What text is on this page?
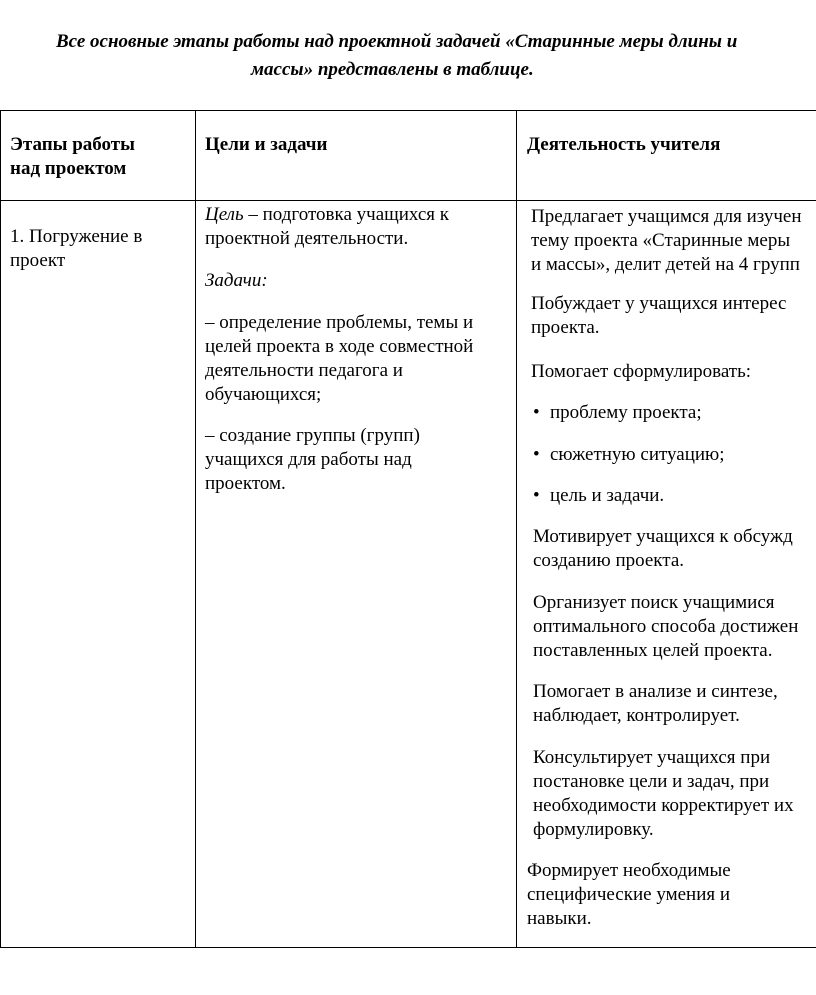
Все основные этапы работы над проектной задачей «Старинные меры длины и
массы» представлены в таблице.
Этапы работы
над проектом
Цели и задачи	Деятельность учителя
1. Погружение в
проект
Цель – подготовка учащихся к
проектной деятельности.
Задачи:
– определение проблемы, темы и
целей проекта в ходе совместной
деятельности педагога и
обучающихся;
– создание группы (групп)
учащихся для работы над
проектом.
Предлагает учащимся для изучен
тему проекта «Старинные меры
и массы», делит детей на 4 групп
Побуждает у учащихся интерес
проекта.
Помогает сформулировать:
• проблему проекта;
• сюжетную ситуацию;
• цель и задачи.
Мотивирует учащихся к обсужд
созданию проекта.
Организует поиск учащимися
оптимального способа достижен
поставленных целей проекта.
Помогает в анализе и синтезе,
наблюдает, контролирует.
Консультирует учащихся при
постановке цели и задач, при
необходимости корректирует их
формулировку.
Формирует необходимые
специфические умения и
навыки.
